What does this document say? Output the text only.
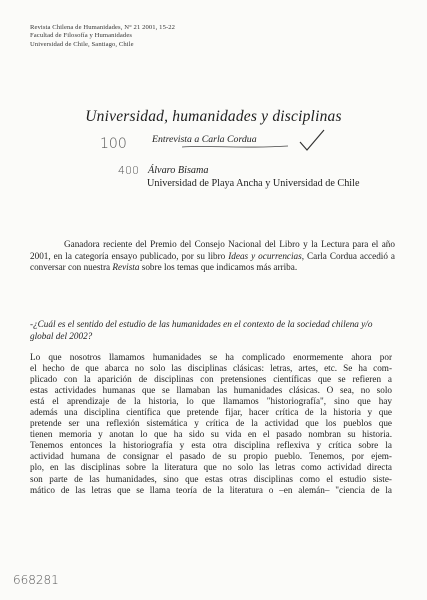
Revista Chilena de Humanidades, N° 21 2001, 15-22
Facultad de Filosofía y Humanidades
Universidad de Chile, Santiago, Chile
Universidad, humanidades y disciplinas
100	Entrevista a Carla Cordua
400 Álvaro Bisama
Universidad de Playa Ancha y Universidad de Chile

Ganadora reciente del Premio del Consejo Nacional del Libro y la Lectura para el año 2001, en la categoría ensayo publicado, por su libro Ideas y ocurrencias, Carla Cordua accedió a conversar con nuestra Revista sobre los temas que indicamos más arriba.

-¿Cuál es el sentido del estudio de las humanidades en el contexto de la sociedad chilena y/o global del 2002?
Lo que nosotros llamamos humanidades se ha complicado enormemente ahora por
el hecho de que abarca no solo las disciplinas clásicas: letras, artes, etc. Se ha com-
plicado con la aparición de disciplinas con pretensiones científicas que se refieren a
estas actividades humanas que se llamaban las humanidades clásicas. O sea, no solo
está el aprendizaje de la historia, lo que llamamos "historiografía", sino que hay
además una disciplina científica que pretende fijar, hacer crítica de la historia y que
pretende ser una reflexión sistemática y crítica de la actividad que los pueblos que
tienen memoria y anotan lo que ha sido su vida en el pasado nombran su historia.
Tenemos entonces la historiografía y esta otra disciplina reflexiva y crítica sobre la
actividad humana de consignar el pasado de su propio pueblo. Tenemos, por ejem-
plo, en las disciplinas sobre la literatura que no solo las letras como actividad directa
son parte de las humanidades, sino que estas otras disciplinas como el estudio siste-
mático de las letras que se llama teoría de la literatura o –en alemán– "ciencia de la
668281
